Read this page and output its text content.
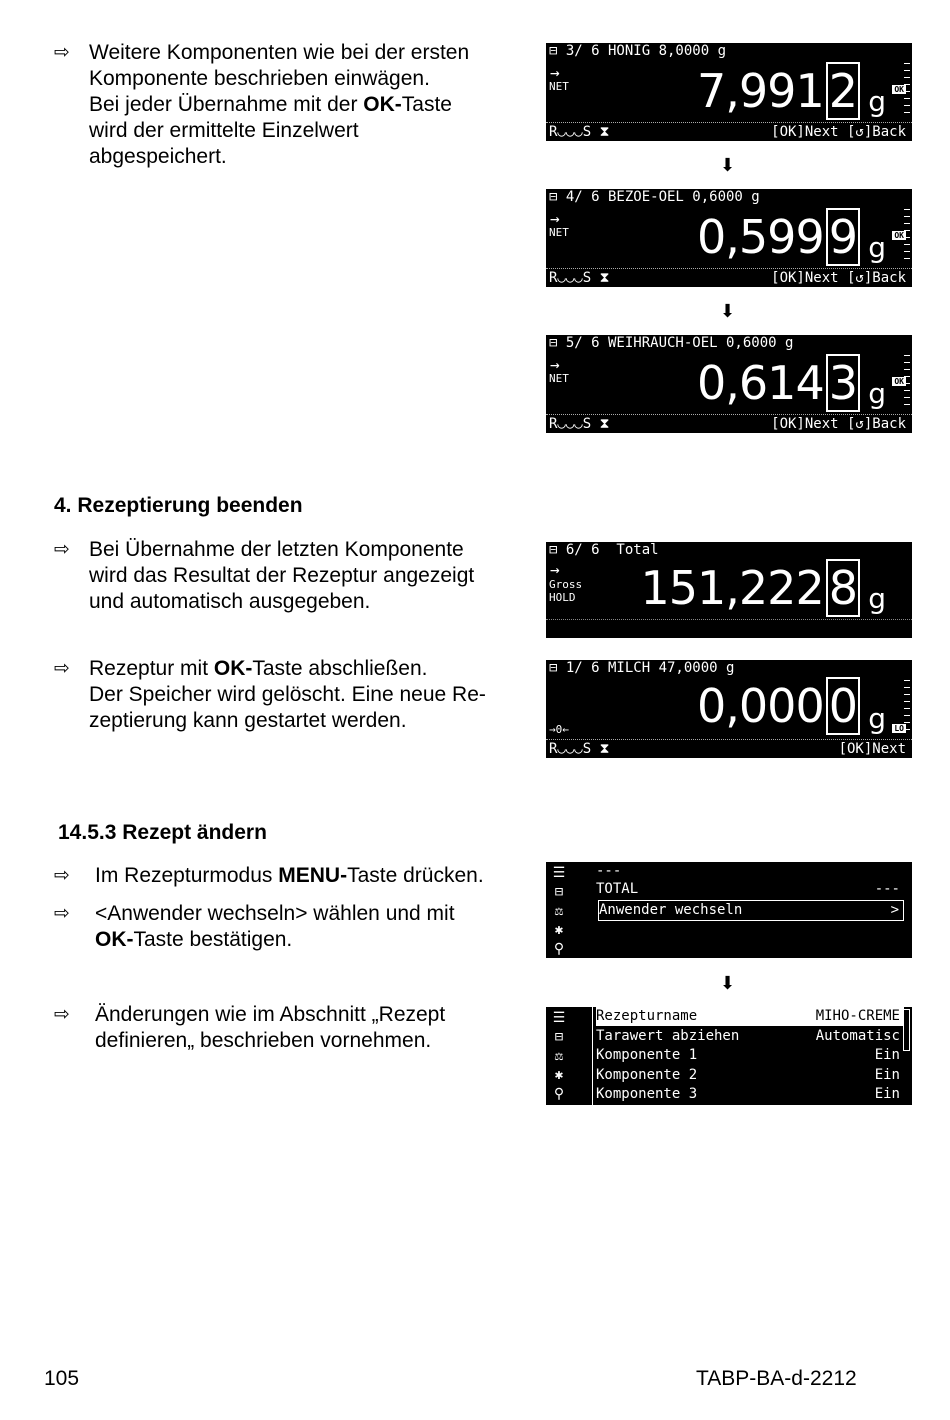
⇨ Weitere Komponenten wie bei der ersten
Komponente beschrieben einwägen.
Bei jeder Übernahme mit der OK-Taste
wird der ermittelte Einzelwert
abgespeichert.
⊟ 3/ 6 HONIG 8,0000 g
→
NET	7,991 2 g OK
R◡◡◡S ⧗	[OK]Next [↺]Back
⬇
⊟ 4/ 6 BEZOE-OEL 0,6000 g
→
NET	0,599 9 g OK
R◡◡◡S ⧗	[OK]Next [↺]Back
⬇
⊟ 5/ 6 WEIHRAUCH-OEL 0,6000 g
→
NET	0,614 3 g OK
R◡◡◡S ⧗	[OK]Next [↺]Back
4. Rezeptierung beenden
⇨ Bei Übernahme der letzten Komponente
wird das Resultat der Rezeptur angezeigt
und automatisch ausgegeben.
⊟ 6/ 6  Total
→
Gross
HOLD 151,222 8 g
⇨ Rezeptur mit OK-Taste abschließen.
Der Speicher wird gelöscht. Eine neue Re-
zeptierung kann gestartet werden.
⊟ 1/ 6 MILCH 47,0000 g
→0←	0,000 0 g LO
R◡◡◡S ⧗	[OK]Next
14.5.3 Rezept ändern
⇨ Im Rezepturmodus MENU-Taste drücken.
⇨ <Anwender wechseln> wählen und mit
OK-Taste bestätigen.
☰
⊟
⚖
✱
⚲
---
TOTAL	---
Anwender wechseln	>
⬇
⇨ Änderungen wie im Abschnitt „Rezept
definieren„ beschrieben vornehmen.
☰
⊟
⚖
✱
⚲
Rezepturname	MIHO-CREME
Tarawert abziehen	Automatisc
Komponente 1	Ein
Komponente 2	Ein
Komponente 3	Ein
105	TABP-BA-d-2212
